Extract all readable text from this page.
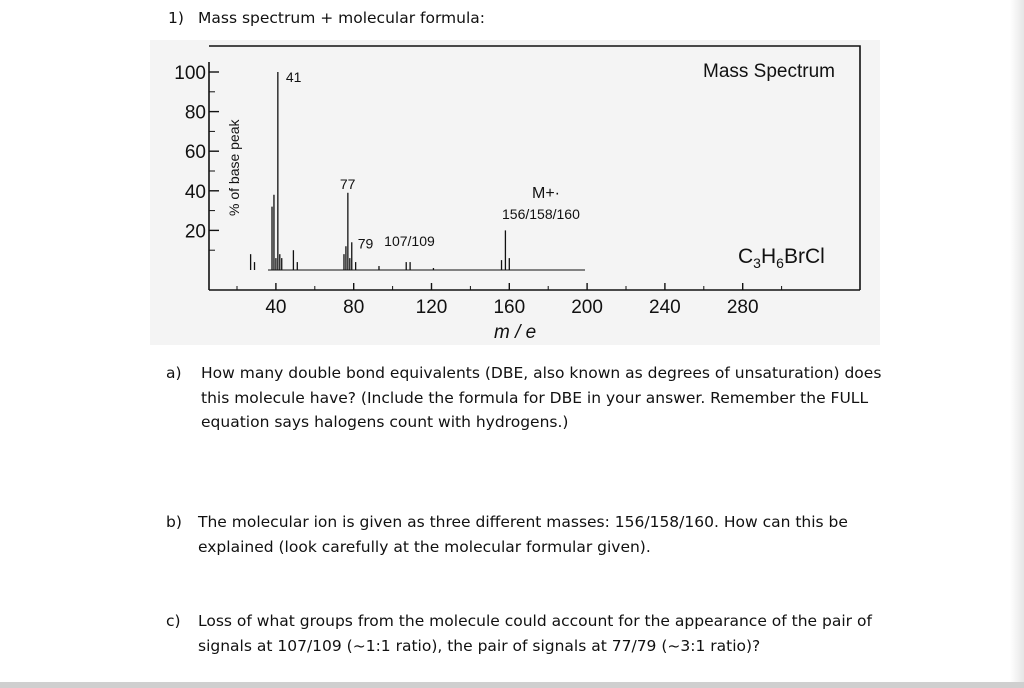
1) Mass spectrum + molecular formula:
20
40
60
80
100
40	80	120 160 200 240 280
41
77
79 107/109
Mass Spectrum
% of base peak
m / e
M+·
156/158/160
$C_3H_6BrCl$
a) How many double bond equivalents (DBE, also known as degrees of unsaturation) does this molecule have? (Include the formula for DBE in your answer. Remember the FULL equation says halogens count with hydrogens.)
b) The molecular ion is given as three different masses: 156/158/160. How can this be explained (look carefully at the molecular formular given).
c) Loss of what groups from the molecule could account for the appearance of the pair of signals at 107/109 (~1:1 ratio), the pair of signals at 77/79 (~3:1 ratio)?
